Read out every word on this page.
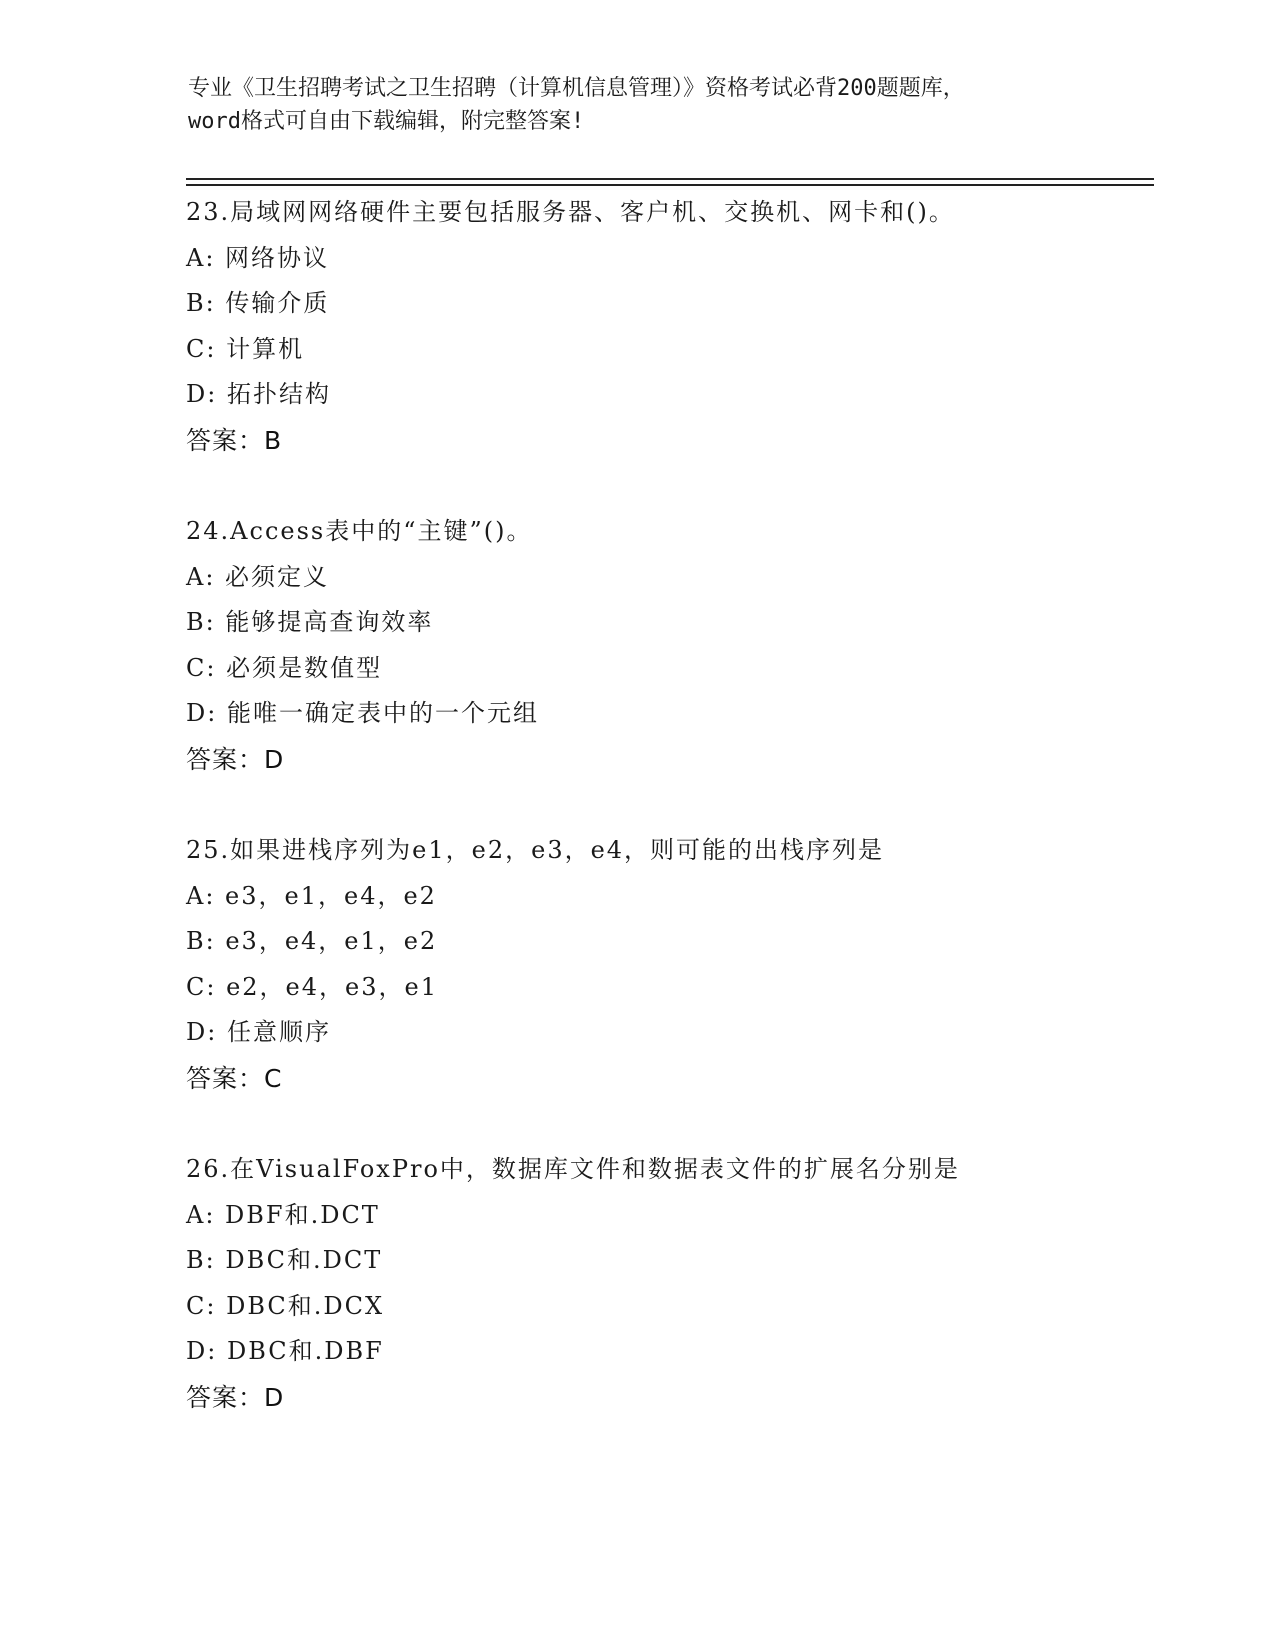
专业《卫生招聘考试之卫生招聘（计算机信息管理）》资格考试必背200题题库，
word格式可自由下载编辑，附完整答案!
23.局域网网络硬件主要包括服务器、客户机、交换机、网卡和()。
A: 网络协议
B: 传输介质
C: 计算机
D: 拓扑结构
答案：B
24.Access表中的“主键”()。
A: 必须定义
B: 能够提高查询效率
C: 必须是数值型
D: 能唯一确定表中的一个元组
答案：D
25.如果进栈序列为e1，e2，e3，e4，则可能的出栈序列是
A: e3，e1，e4，e2
B: e3，e4，e1，e2
C: e2，e4，e3，e1
D: 任意顺序
答案：C
26.在VisualFoxPro中，数据库文件和数据表文件的扩展名分别是
A: DBF和.DCT
B: DBC和.DCT
C: DBC和.DCX
D: DBC和.DBF
答案：D
